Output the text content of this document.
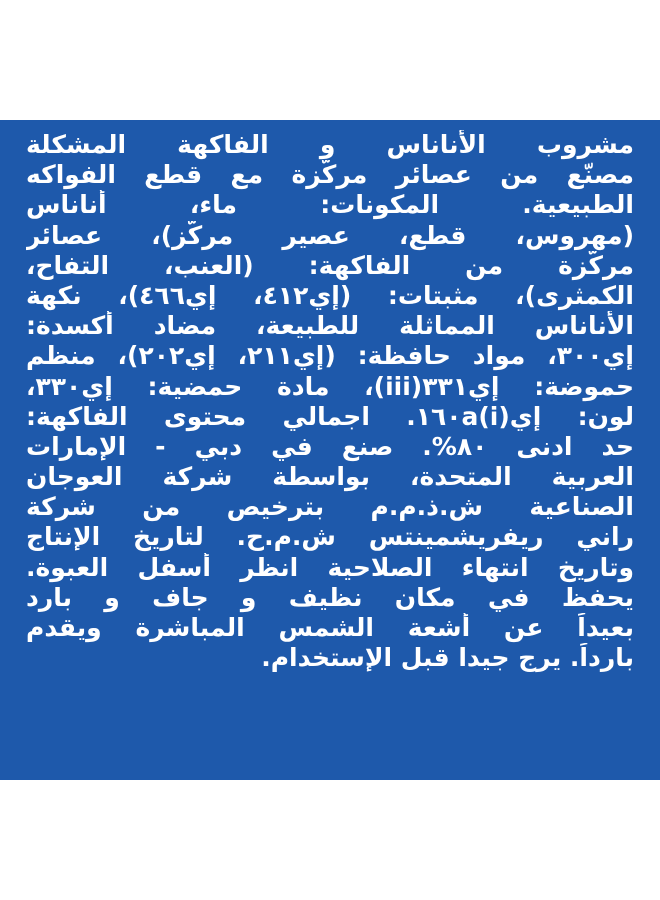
مشروب الأناناس و الفاكهة المشكلة
مصنّع من عصائر مركّزة مع قطع الفواكه
الطبيعية. المكونات: ماء، أناناس
(مهروس، قطع، عصير مركّز)، عصائر
مركّزة من الفاكهة: (العنب، التفاح،
الكمثرى)، مثبتات: (إي٤١٢، إي٤٦٦)، نكهة
الأناناس المماثلة للطبيعة، مضاد أكسدة:
إي٣٠٠، مواد حافظة: (إي٢١١، إي٢٠٢)، منظم
حموضة: إي٣٣١(iii)، مادة حمضية: إي٣٣٠،
لون: إي١٦٠a(i). اجمالي محتوى الفاكهة:
حد ادنى ٨٠%. صنع في دبي - الإمارات
العربية المتحدة، بواسطة شركة العوجان
الصناعية ش.ذ.م.م بترخيص من شركة
راني ريفريشمينتس ش.م.ح. لتاريخ الإنتاج
وتاريخ انتهاء الصلاحية انظر أسفل العبوة.
يحفظ في مكان نظيف و جاف و بارد
بعيداً عن أشعة الشمس المباشرة ويقدم
بارداً. يرج جيدا قبل الإستخدام.
